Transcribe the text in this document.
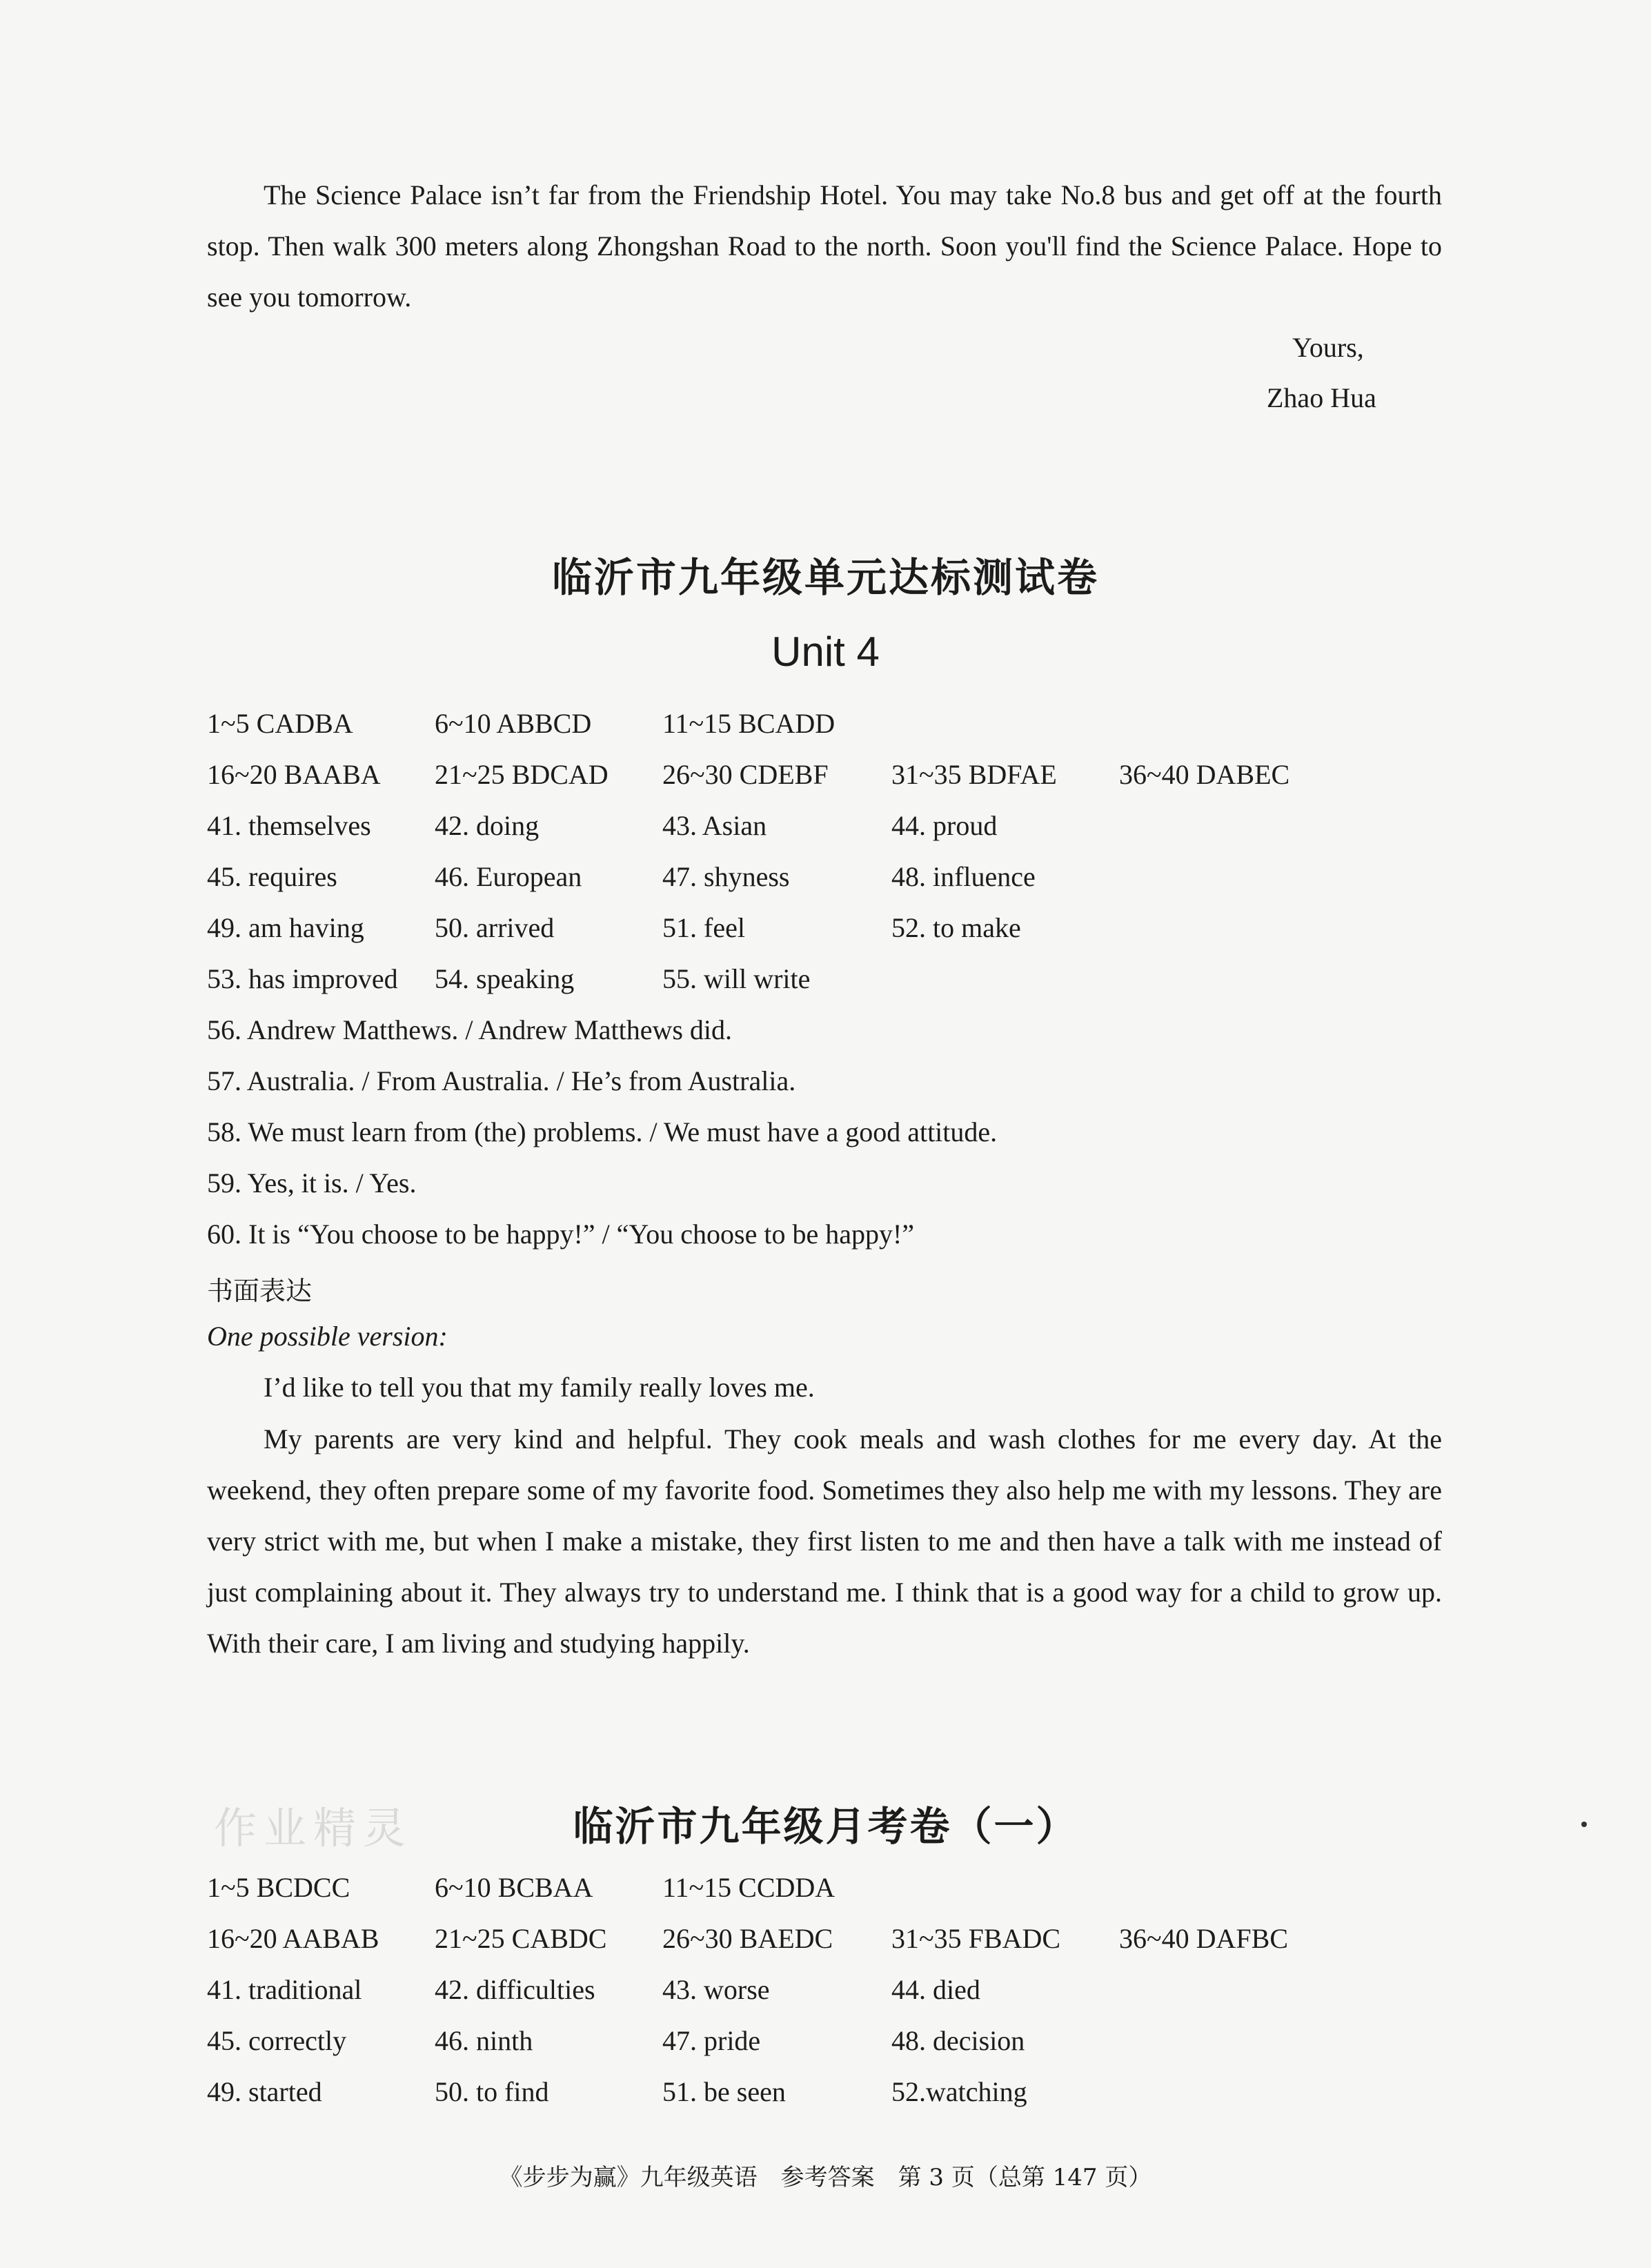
The Science Palace isn’t far from the Friendship Hotel. You may take No.8 bus and get off at the fourth stop. Then walk 300 meters along Zhongshan Road to the north. Soon you'll find the Science Palace. Hope to see you tomorrow.
Yours,
Zhao Hua
临沂市九年级单元达标测试卷
Unit 4
1~5 CADBA	6~10 ABBCD	11~15 BCADD
16~20 BAABA 21~25 BDCAD 26~30 CDEBF 31~35 BDFAE 36~40 DABEC
41. themselves 42. doing	43. Asian	44. proud
45. requires	46. European	47. shyness	48. influence
49. am having	50. arrived	51. feel	52. to make
53. has improved 54. speaking	55. will write
56. Andrew Matthews. / Andrew Matthews did.
57. Australia. / From Australia. / He’s from Australia.
58. We must learn from (the) problems. / We must have a good attitude.
59. Yes, it is. / Yes.
60. It is “You choose to be happy!” / “You choose to be happy!”
书面表达
One possible version:
I’d like to tell you that my family really loves me.
My parents are very kind and helpful. They cook meals and wash clothes for me every day. At the weekend, they often prepare some of my favorite food. Sometimes they also help me with my lessons. They are very strict with me, but when I make a mistake, they first listen to me and then have a talk with me instead of just complaining about it. They always try to understand me. I think that is a good way for a child to grow up. With their care, I am living and studying happily.
作业精灵	临沂市九年级月考卷（一）
1~5 BCDCC	6~10 BCBAA	11~15 CCDDA
16~20 AABAB 21~25 CABDC 26~30 BAEDC 31~35 FBADC 36~40 DAFBC
41. traditional	42. difficulties 43. worse	44. died
45. correctly	46. ninth	47. pride	48. decision
49. started	50. to find	51. be seen	52.watching
《步步为赢》九年级英语　参考答案　第 3 页（总第 147 页）
